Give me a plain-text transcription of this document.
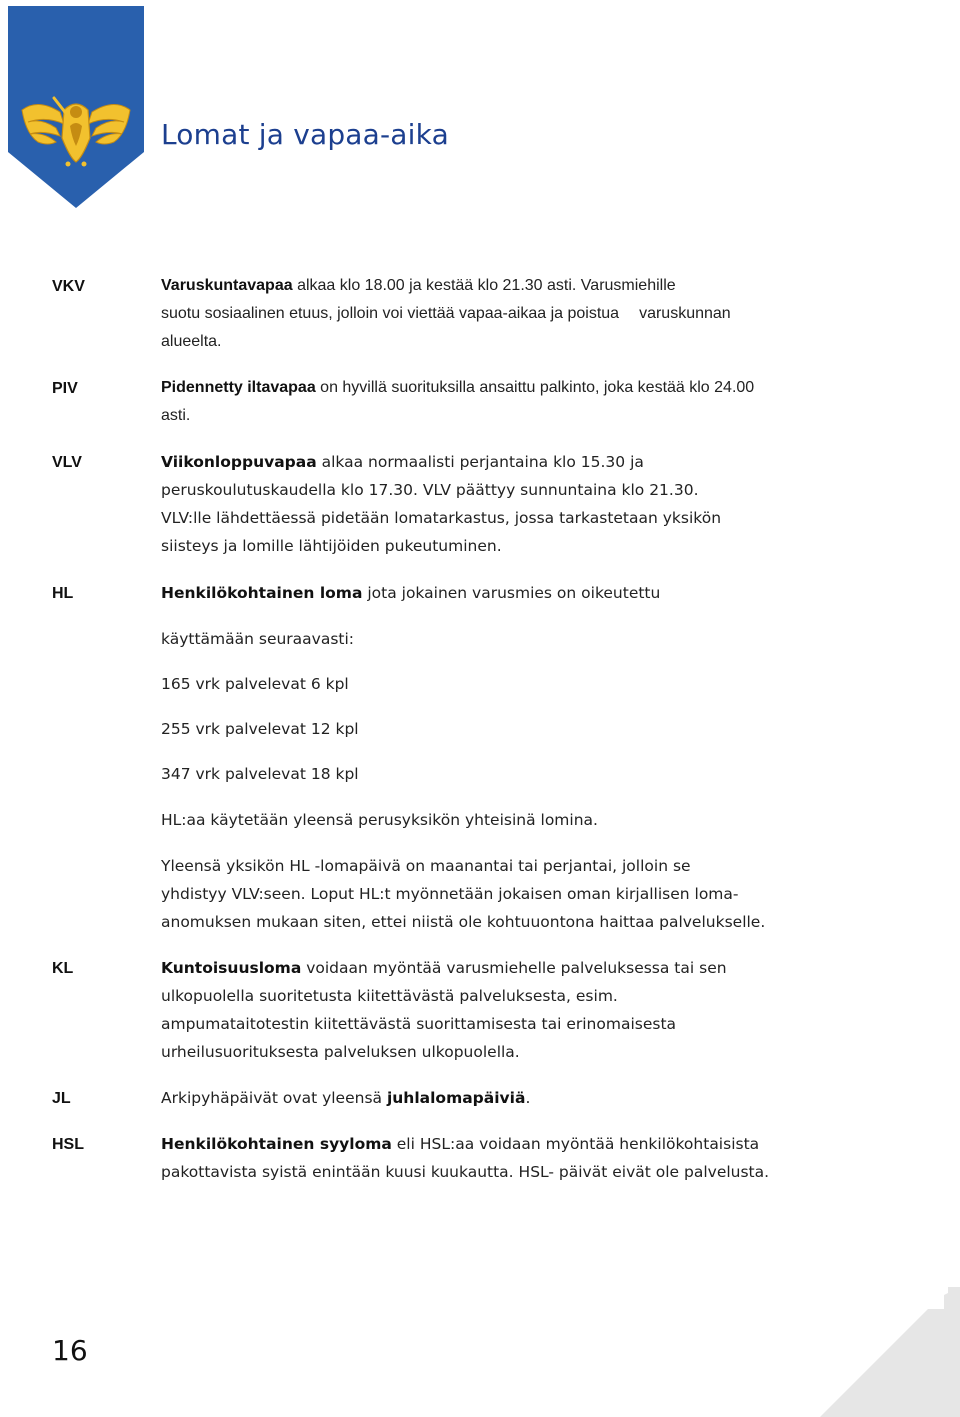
Lomat ja vapaa-aika
VKV	Varuskuntavapaa alkaa klo 18.00 ja kestää klo 21.30 asti. Varusmiehille
suotu sosiaalinen etuus, jolloin voi viettää vapaa-aikaa ja poistua varuskunnan
alueelta.
PIV	Pidennetty iltavapaa on hyvillä suorituksilla ansaittu palkinto, joka kestää klo 24.00
asti.
VLV	Viikonloppuvapaa alkaa normaalisti perjantaina klo 15.30 ja
peruskoulutuskaudella klo 17.30. VLV päättyy sunnuntaina klo 21.30.
VLV:lle lähdettäessä pidetään lomatarkastus, jossa tarkastetaan yksikön
siisteys ja lomille lähtijöiden pukeutuminen.
HL	Henkilökohtainen loma jota jokainen varusmies on oikeutettu
käyttämään seuraavasti:
165 vrk palvelevat 6 kpl
255 vrk palvelevat 12 kpl
347 vrk palvelevat 18 kpl
HL:aa käytetään yleensä perusyksikön yhteisinä lomina.
Yleensä yksikön HL -lomapäivä on maanantai tai perjantai, jolloin se
yhdistyy VLV:seen. Loput HL:t myönnetään jokaisen oman kirjallisen loma-
anomuksen mukaan siten, ettei niistä ole kohtuuontona haittaa palvelukselle.
KL	Kuntoisuusloma voidaan myöntää varusmiehelle palveluksessa tai sen
ulkopuolella suoritetusta kiitettävästä palveluksesta, esim.
ampumataitotestin kiitettävästä suorittamisesta tai erinomaisesta
urheilusuorituksesta palveluksen ulkopuolella.
JL	Arkipyhäpäivät ovat yleensä juhlalomapäiviä.
HSL	Henkilökohtainen syyloma eli HSL:aa voidaan myöntää henkilökohtaisista
pakottavista syistä enintään kuusi kuukautta. HSL- päivät eivät ole palvelusta.
16
